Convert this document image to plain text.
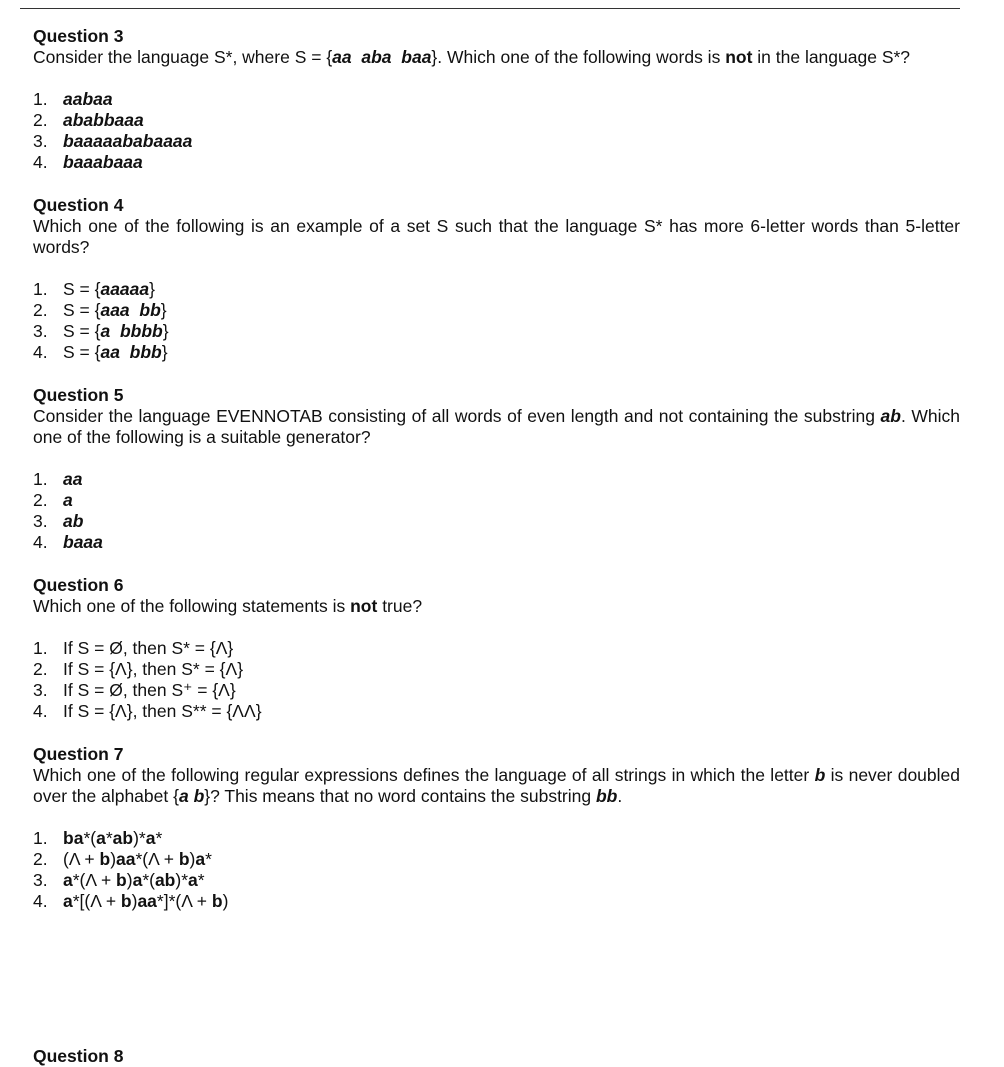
Question 3
Consider the language S*, where S = {aa aba baa}. Which one of the following words is not in the language S*?
1. aabaa
2. ababbaaa
3. baaaaababaaaa
4. baaabaaa
Question 4
Which one of the following is an example of a set S such that the language S* has more 6-letter words than 5-letter words?
1. S = {aaaaa}
2. S = {aaa bb}
3. S = {a bbbb}
4. S = {aa bbb}
Question 5
Consider the language EVENNOTAB consisting of all words of even length and not containing the substring ab. Which one of the following is a suitable generator?
1. aa
2. a
3. ab
4. baaa
Question 6
Which one of the following statements is not true?
1. If S = Ø, then S* = {Λ}
2. If S = {Λ}, then S* = {Λ}
3. If S = Ø, then S⁺ = {Λ}
4. If S = {Λ}, then S** = {ΛΛ}
Question 7
Which one of the following regular expressions defines the language of all strings in which the letter b is never doubled over the alphabet {a b}? This means that no word contains the substring bb.
1. ba*(a*ab)*a*
2. (Λ + b)aa*(Λ + b)a*
3. a*(Λ + b)a*(ab)*a*
4. a*[(Λ + b)aa*]*(Λ + b)
Question 8
